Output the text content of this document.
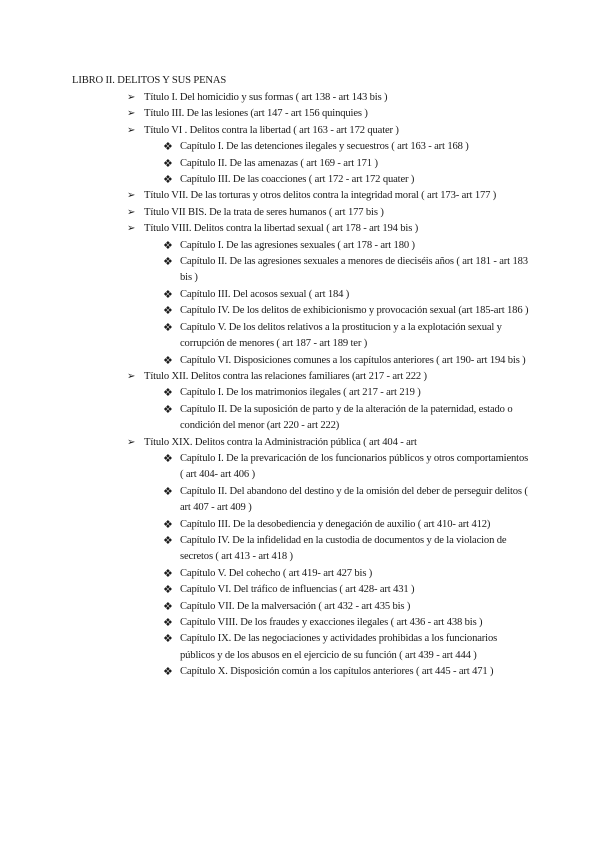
LIBRO II. DELITOS Y SUS PENAS
➢ Título I. Del homicidio y sus formas ( art 138 - art 143 bis )
➢ Título III. De las lesiones (art 147 - art 156 quinquies )
➢ Título VI . Delitos contra la libertad ( art 163 - art 172 quater )
❖ Capítulo I. De las detenciones ilegales y secuestros ( art 163 - art 168 )
❖ Capítulo II. De las amenazas ( art 169 - art 171 )
❖ Capítulo III. De las coacciones ( art 172 - art 172 quater )
➢ Título VII. De las torturas y otros delitos contra la integridad moral ( art 173- art 177 )
➢ Título VII BIS. De la trata de seres humanos ( art 177 bis )
➢ Título VIII. Delitos contra la libertad sexual ( art 178 - art 194 bis )
❖ Capítulo I. De las agresiones sexuales ( art 178 - art 180 )
❖ Capítulo II. De las agresiones sexuales a menores de dieciséis años ( art 181 - art 183 bis )
❖ Capítulo III. Del acosos sexual ( art 184 )
❖ Capítulo IV. De los delitos de exhibicionismo y provocación sexual (art 185-art 186 )
❖ Capítulo V. De los delitos relativos a la prostitucion y a la explotación sexual y corrupción de menores ( art 187 - art 189 ter )
❖ Capítulo VI. Disposiciones comunes a los capítulos anteriores ( art 190- art 194 bis )
➢ Título XII. Delitos contra las relaciones familiares (art 217 - art 222 )
❖ Capítulo I. De los matrimonios ilegales ( art 217 - art 219 )
❖ Capítulo II. De la suposición de parto y de la alteración de la paternidad, estado o condición del menor (art 220 - art 222)
➢ Título XIX. Delitos contra la Administración pública ( art 404 - art
❖ Capítulo I. De la prevaricación de los funcionarios públicos y otros comportamientos ( art 404- art 406 )
❖ Capítulo II. Del abandono del destino y de la omisión del deber de perseguir delitos ( art 407 - art 409 )
❖ Capítulo III. De la desobediencia y denegación de auxilio ( art 410- art 412)
❖ Capítulo IV. De la infidelidad en la custodia de documentos y de la violacion de secretos ( art 413 - art 418 )
❖ Capítulo V. Del cohecho ( art 419- art 427 bis )
❖ Capítulo VI. Del tráfico de influencias ( art 428- art 431 )
❖ Capítulo VII. De la malversación ( art 432 - art 435 bis )
❖ Capítulo VIII. De los fraudes y exacciones ilegales ( art 436 - art 438 bis )
❖ Capítulo IX. De las negociaciones y actividades prohibidas a los funcionarios públicos y de los abusos en el ejercicio de su función ( art 439 - art 444 )
❖ Capítulo X. Disposición común a los capítulos anteriores ( art 445 - art 471 )
